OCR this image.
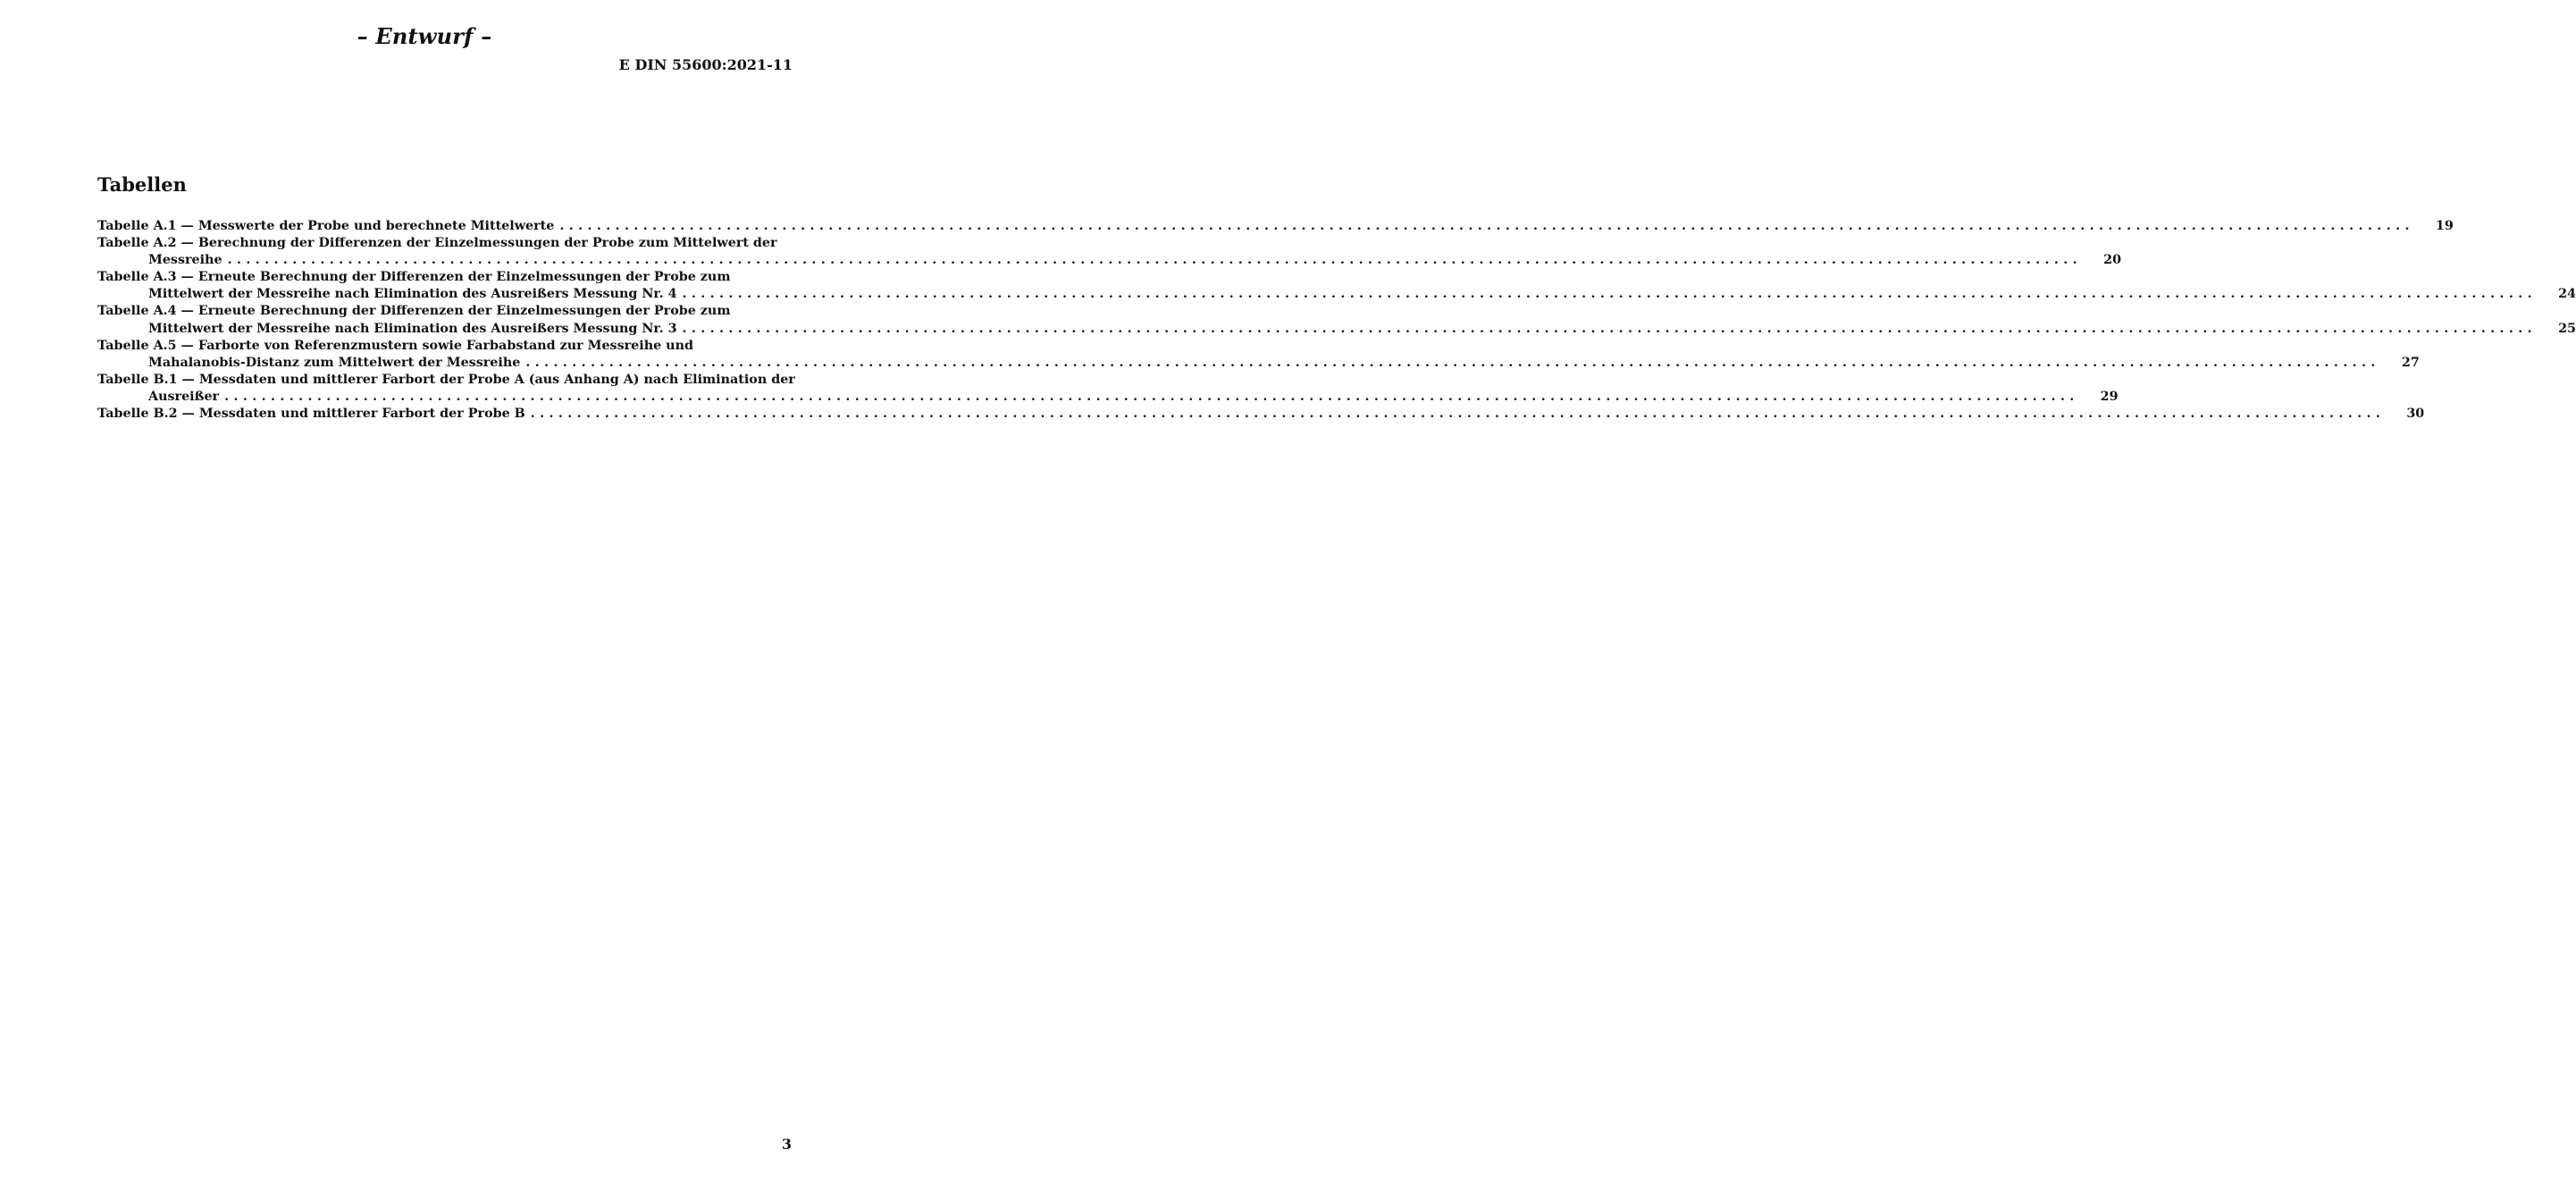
– Entwurf –
E DIN 55600:2021-11
Tabellen
Tabelle A.1 — Messwerte der Probe und berechnete Mittelwerte ........................................................................................................................................................................................................ 19
Tabelle A.2 — Berechnung der Differenzen der Einzelmessungen der Probe zum Mittelwert der
Messreihe ........................................................................................................................................................................................................ 20
Tabelle A.3 — Erneute Berechnung der Differenzen der Einzelmessungen der Probe zum
Mittelwert der Messreihe nach Elimination des Ausreißers Messung Nr. 4 ........................................................................................................................................................................................................ 24
Tabelle A.4 — Erneute Berechnung der Differenzen der Einzelmessungen der Probe zum
Mittelwert der Messreihe nach Elimination des Ausreißers Messung Nr. 3 ........................................................................................................................................................................................................ 25
Tabelle A.5 — Farborte von Referenzmustern sowie Farbabstand zur Messreihe und
Mahalanobis-Distanz zum Mittelwert der Messreihe ........................................................................................................................................................................................................ 27
Tabelle B.1 — Messdaten und mittlerer Farbort der Probe A (aus Anhang A) nach Elimination der
Ausreißer ........................................................................................................................................................................................................ 29
Tabelle B.2 — Messdaten und mittlerer Farbort der Probe B ........................................................................................................................................................................................................ 30
3
